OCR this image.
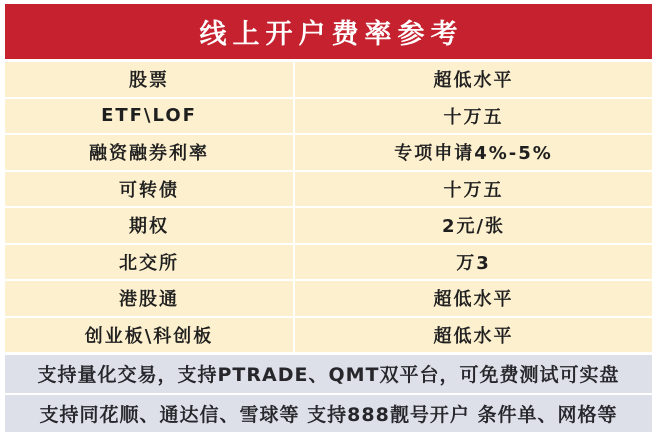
线上开户费率参考
股票	超低水平
ETF\LOF	十万五
融资融券利率	专项申请4%-5%
可转债	十万五
期权	2元/张
北交所	万3
港股通	超低水平
创业板\科创板	超低水平
支持量化交易，支持PTRADE、QMT双平台，可免费测试可实盘
支持同花顺、通达信、雪球等 支持888靓号开户 条件单、网格等
